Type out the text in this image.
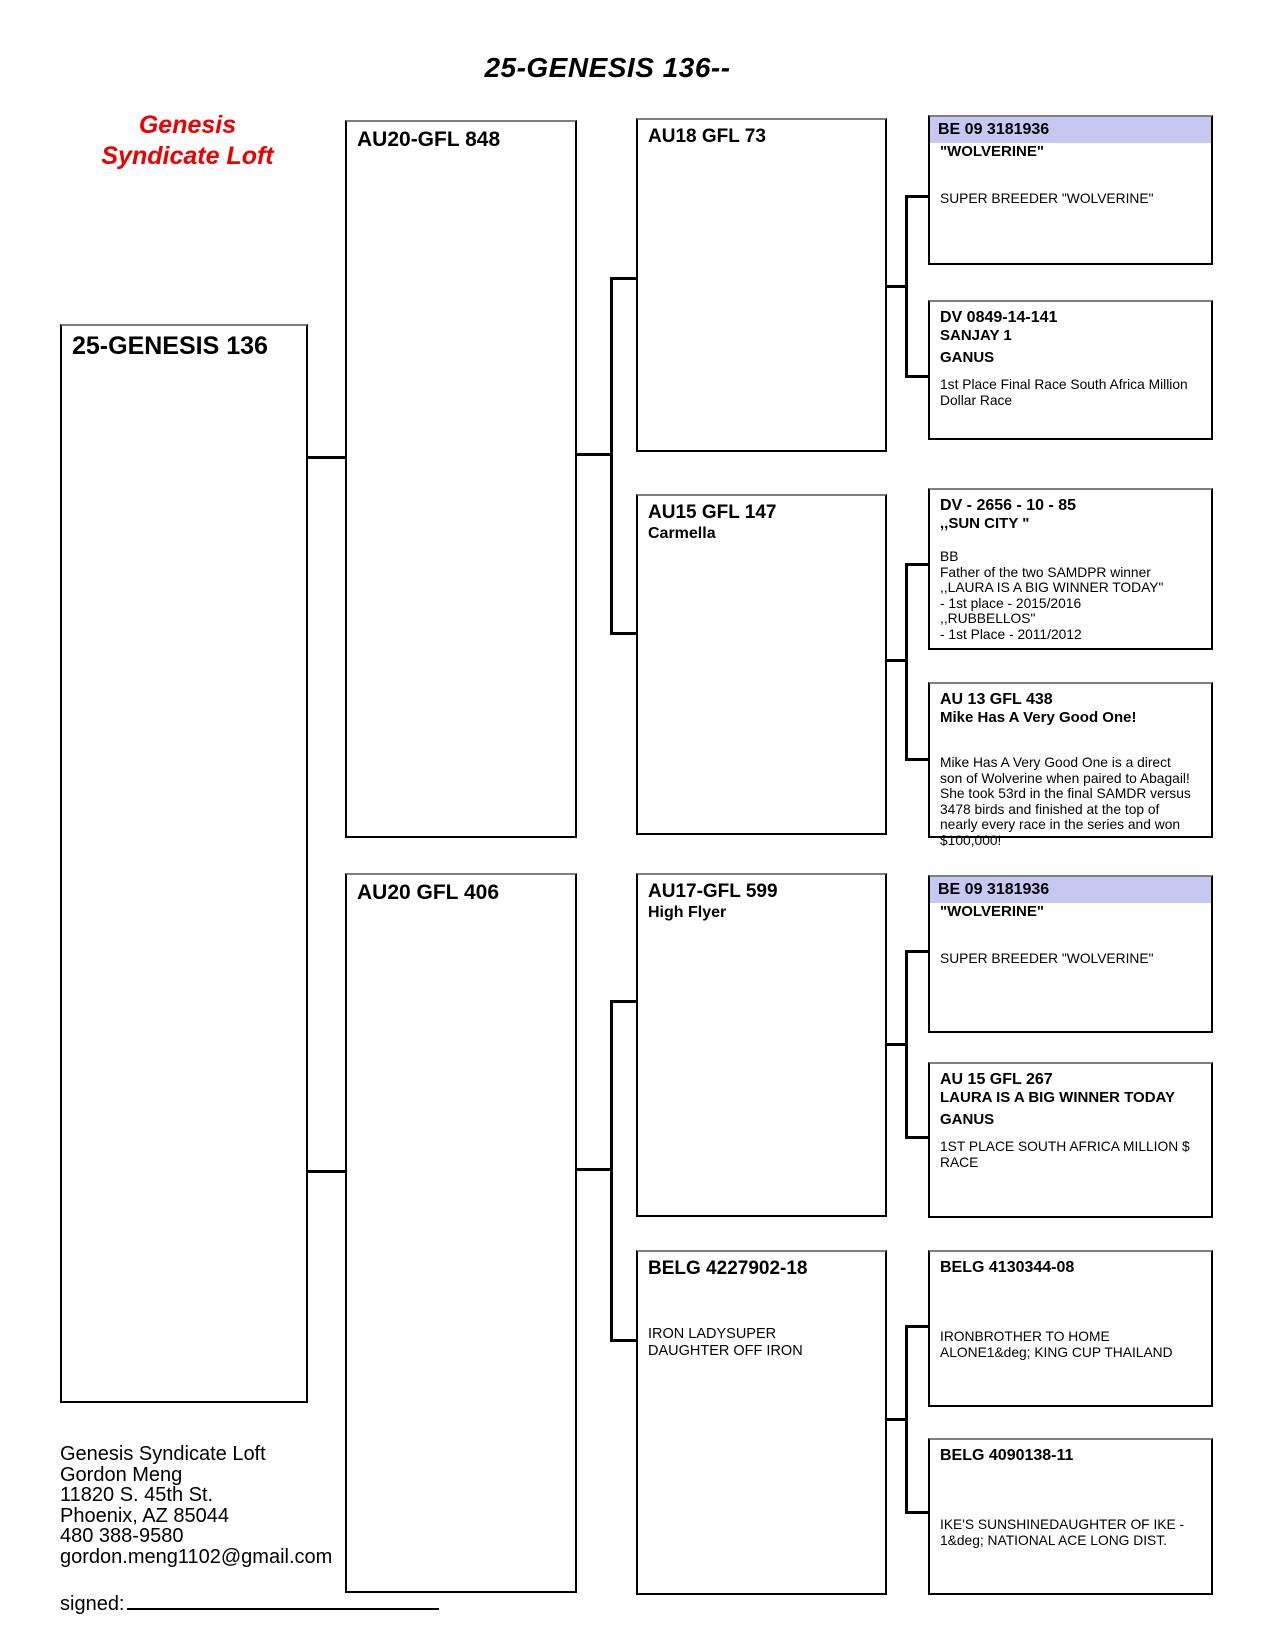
25-GENESIS 136--
Genesis
Syndicate Loft
25-GENESIS 136
AU20-GFL 848
AU20 GFL 406
AU18 GFL 73
AU15 GFL 147
Carmella
AU17-GFL 599
High Flyer
BELG 4227902-18
IRON LADYSUPER
DAUGHTER OFF IRON
BE 09 3181936
"WOLVERINE"
SUPER BREEDER "WOLVERINE"
DV 0849-14-141
SANJAY 1
GANUS
1st Place Final Race South Africa Million
Dollar Race
DV - 2656 - 10 - 85
,,SUN CITY "
BB
Father of the two SAMDPR winner
,,LAURA IS A BIG WINNER TODAY"
- 1st place - 2015/2016
,,RUBBELLOS"
- 1st Place - 2011/2012
AU 13 GFL 438
Mike Has A Very Good One!
Mike Has A Very Good One is a direct
son of Wolverine when paired to Abagail!
She took 53rd in the final SAMDR versus
3478 birds and finished at the top of
nearly every race in the series and won
$100,000!
BE 09 3181936
"WOLVERINE"
SUPER BREEDER "WOLVERINE"
AU 15 GFL 267
LAURA IS A BIG WINNER TODAY
GANUS
1ST PLACE SOUTH AFRICA MILLION $
RACE
BELG 4130344-08
IRONBROTHER TO HOME
ALONE1&deg; KING CUP THAILAND
BELG 4090138-11
IKE'S SUNSHINEDAUGHTER OF IKE -
1&deg; NATIONAL ACE LONG DIST.
Genesis Syndicate Loft
Gordon Meng
11820 S. 45th St.
Phoenix, AZ 85044
480 388-9580
gordon.meng1102@gmail.com
signed:
